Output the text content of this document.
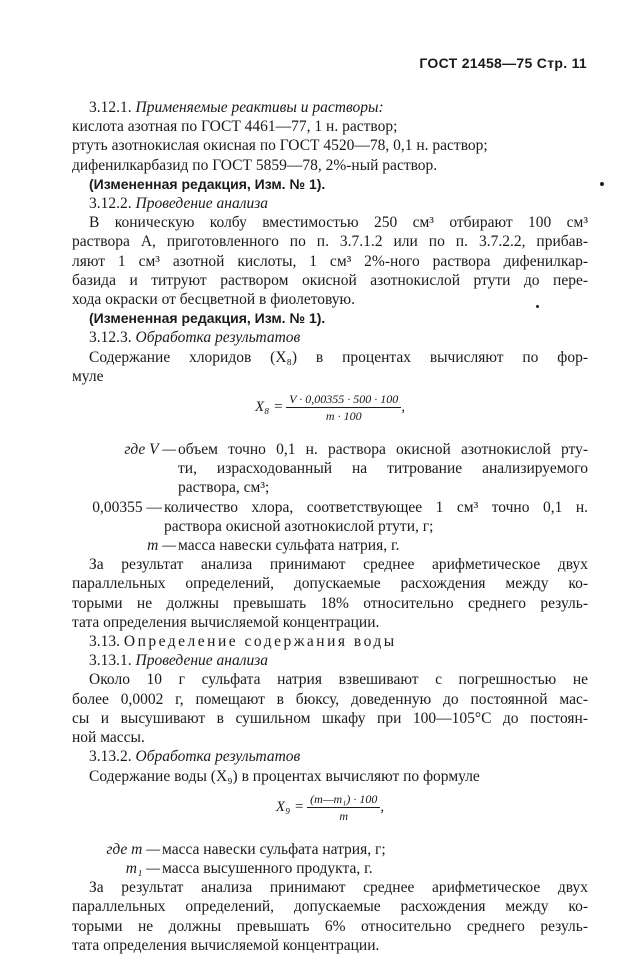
ГОСТ 21458—75 Стр. 11
3.12.1. Применяемые реактивы и растворы:
кислота азотная по ГОСТ 4461—77, 1 н. раствор;
ртуть азотнокислая окисная по ГОСТ 4520—78, 0,1 н. раствор;
дифенилкарбазид по ГОСТ 5859—78, 2%-ный раствор.
(Измененная редакция, Изм. № 1).
3.12.2. Проведение анализа
В коническую колбу вместимостью 250 см³ отбирают 100 см³
раствора А, приготовленного по п. 3.7.1.2 или по п. 3.7.2.2, прибав-
ляют 1 см³ азотной кислоты, 1 см³ 2%-ного раствора дифенилкар-
базида и титруют раствором окисной азотнокислой ртути до пере-
хода окраски от бесцветной в фиолетовую.
(Измененная редакция, Изм. № 1).
3.12.3. Обработка результатов
Содержание хлоридов (X₈) в процентах вычисляют по фор-
муле
$X_8 = \frac{V \cdot 0,00355 \cdot 500 \cdot 100}{m \cdot 100}$ ,
где V — объем точно 0,1 н. раствора окисной азотнокислой рту-
ти, израсходованный на титрование анализируемого
раствора, см³;
0,00355 — количество хлора, соответствующее 1 см³ точно 0,1 н.
раствора окисной азотнокислой ртути, г;
m — масса навески сульфата натрия, г.
За результат анализа принимают среднее арифметическое двух
параллельных определений, допускаемые расхождения между ко-
торыми не должны превышать 18% относительно среднего резуль-
тата определения вычисляемой концентрации.
3.13. Определение содержания воды
3.13.1. Проведение анализа
Около 10 г сульфата натрия взвешивают с погрешностью не
более 0,0002 г, помещают в бюксу, доведенную до постоянной мас-
сы и высушивают в сушильном шкафу при 100—105°С до постоян-
ной массы.
3.13.2. Обработка результатов
Содержание воды (X₉) в процентах вычисляют по формуле
$X_9 = \frac{\text{(m—m₁) · 100}}{m}$ ,
где m — масса навески сульфата натрия, г;
m₁ — масса высушенного продукта, г.
За результат анализа принимают среднее арифметическое двух
параллельных определений, допускаемые расхождения между ко-
торыми не должны превышать 6% относительно среднего резуль-
тата определения вычисляемой концентрации.
